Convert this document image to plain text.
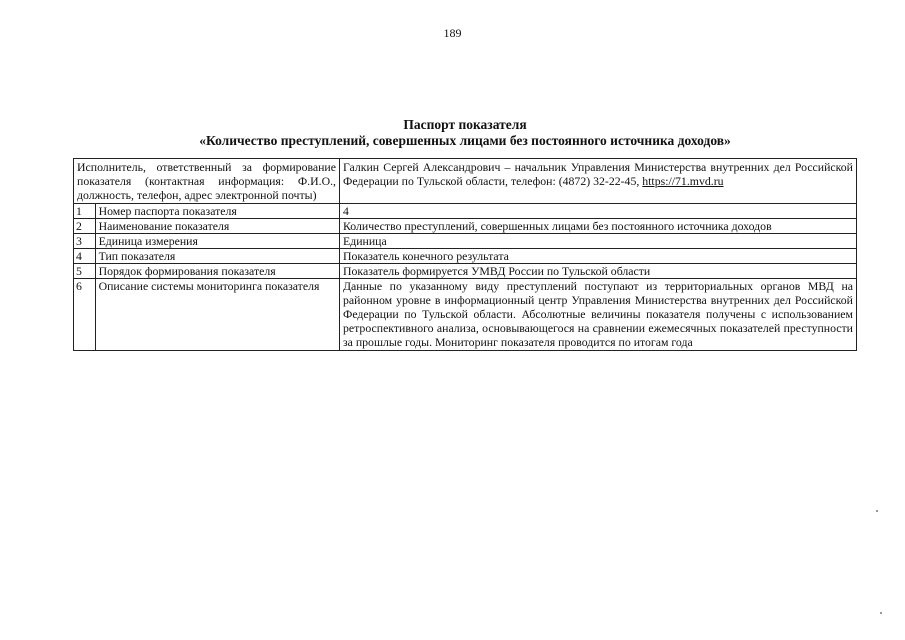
189
Паспорт показателя
«Количество преступлений, совершенных лицами без постоянного источника доходов»
Исполнитель, ответственный за формирование показателя (контактная информация: Ф.И.О., должность, телефон, адрес электронной почты)		Галкин Сергей Александрович – начальник Управления Министерства внутренних дел Российской Федерации по Тульской области, телефон: (4872) 32-22-45, https://71.mvd.ru
1	Номер паспорта показателя	4
2	Наименование показателя	Количество преступлений, совершенных лицами без постоянного источника доходов
3	Единица измерения	Единица
4	Тип показателя	Показатель конечного результата
5	Порядок формирования показателя	Показатель формируется УМВД России по Тульской области
6	Описание системы мониторинга показателя	Данные по указанному виду преступлений поступают из территориальных органов МВД на районном уровне в информационный центр Управления Министерства внутренних дел Российской Федерации по Тульской области. Абсолютные величины показателя получены с использованием ретроспективного анализа, основывающегося на сравнении ежемесячных показателей преступности за прошлые годы. Мониторинг показателя проводится по итогам года
